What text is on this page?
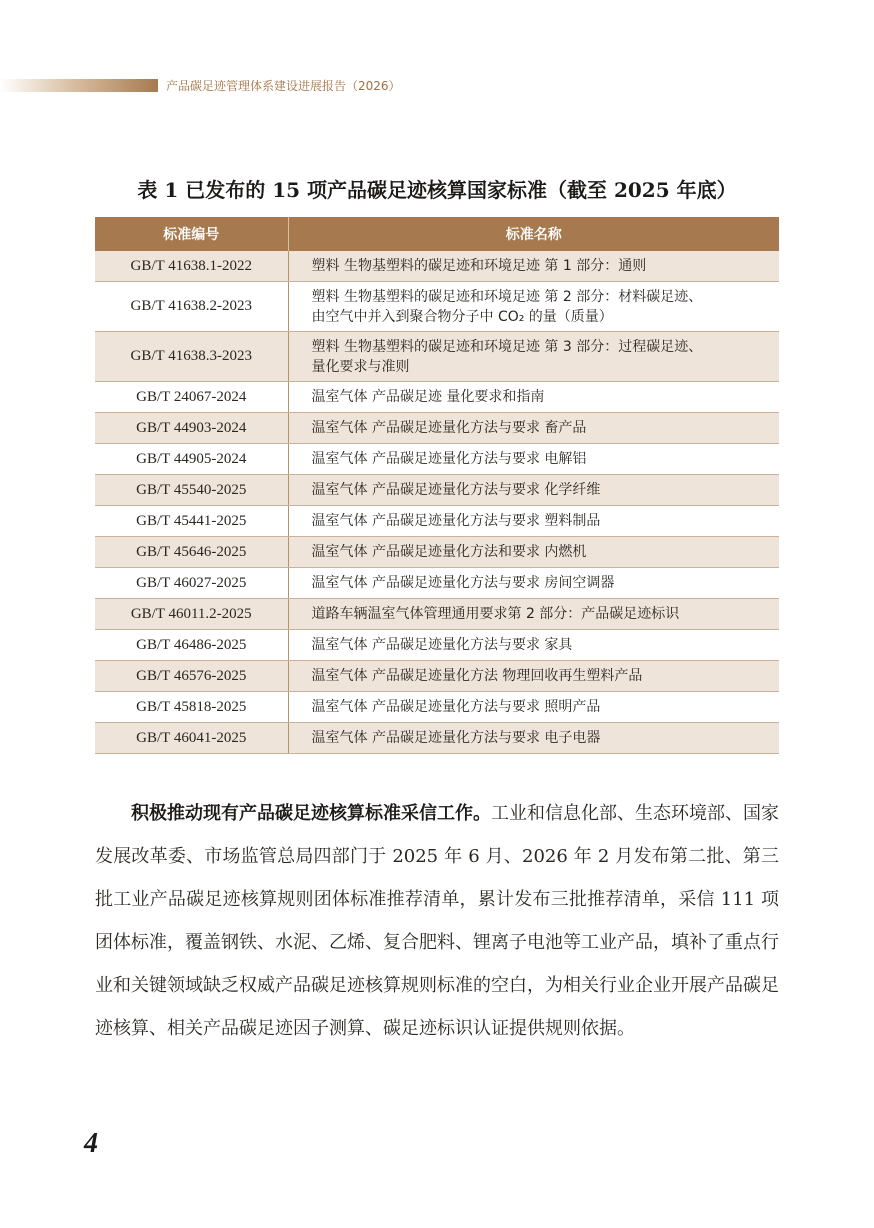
产品碳足迹管理体系建设进展报告（2026）
表 1 已发布的 15 项产品碳足迹核算国家标准（截至 2025 年底）
标准编号	标准名称
GB/T 41638.1-2022	塑料 生物基塑料的碳足迹和环境足迹 第 1 部分：通则

GB/T 41638.2-2023	塑料 生物基塑料的碳足迹和环境足迹 第 2 部分：材料碳足迹、
由空气中并入到聚合物分子中 CO₂ 的量（质量）

GB/T 41638.3-2023	塑料 生物基塑料的碳足迹和环境足迹 第 3 部分：过程碳足迹、
量化要求与准则

GB/T 24067-2024	温室气体 产品碳足迹 量化要求和指南

GB/T 44903-2024	温室气体 产品碳足迹量化方法与要求 畜产品

GB/T 44905-2024	温室气体 产品碳足迹量化方法与要求 电解铝

GB/T 45540-2025	温室气体 产品碳足迹量化方法与要求 化学纤维

GB/T 45441-2025	温室气体 产品碳足迹量化方法与要求 塑料制品

GB/T 45646-2025	温室气体 产品碳足迹量化方法和要求 内燃机

GB/T 46027-2025	温室气体 产品碳足迹量化方法与要求 房间空调器

GB/T 46011.2-2025	道路车辆温室气体管理通用要求第 2 部分：产品碳足迹标识

GB/T 46486-2025	温室气体 产品碳足迹量化方法与要求 家具

GB/T 46576-2025	温室气体 产品碳足迹量化方法 物理回收再生塑料产品

GB/T 45818-2025	温室气体 产品碳足迹量化方法与要求 照明产品

GB/T 46041-2025	温室气体 产品碳足迹量化方法与要求 电子电器
积极推动现有产品碳足迹核算标准采信工作。工业和信息化部、生态环境部、国家发展改革委、市场监管总局四部门于 2025 年 6 月、2026 年 2 月发布第二批、第三批工业产品碳足迹核算规则团体标准推荐清单，累计发布三批推荐清单，采信 111 项团体标准，覆盖钢铁、水泥、乙烯、复合肥料、锂离子电池等工业产品，填补了重点行业和关键领域缺乏权威产品碳足迹核算规则标准的空白，为相关行业企业开展产品碳足迹核算、相关产品碳足迹因子测算、碳足迹标识认证提供规则依据。
4
